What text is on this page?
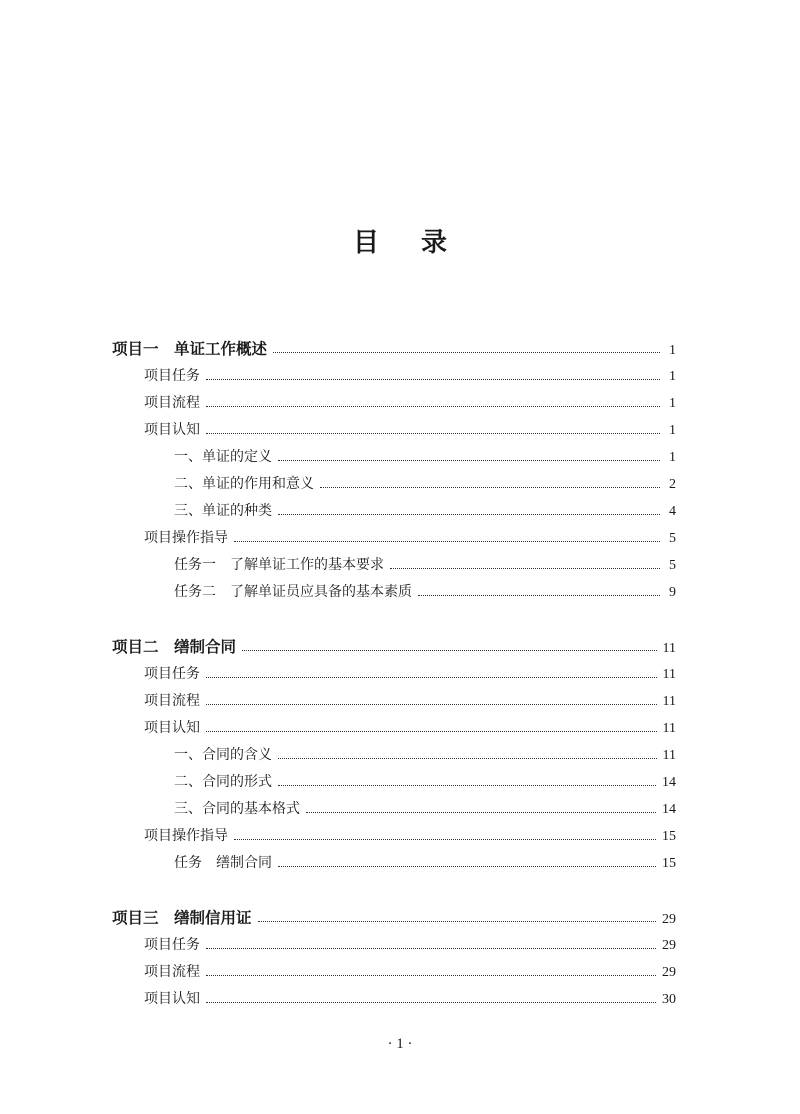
目 录
项目一　单证工作概述	1
项目任务	1
项目流程	1
项目认知	1
一、单证的定义	1
二、单证的作用和意义	2
三、单证的种类	4
项目操作指导	5
任务一　了解单证工作的基本要求	5
任务二　了解单证员应具备的基本素质	9
项目二　缮制合同	11
项目任务	11
项目流程	11
项目认知	11
一、合同的含义	11
二、合同的形式	14
三、合同的基本格式	14
项目操作指导	15
任务　缮制合同	15
项目三　缮制信用证	29
项目任务	29
项目流程	29
项目认知	30
· 1 ·
